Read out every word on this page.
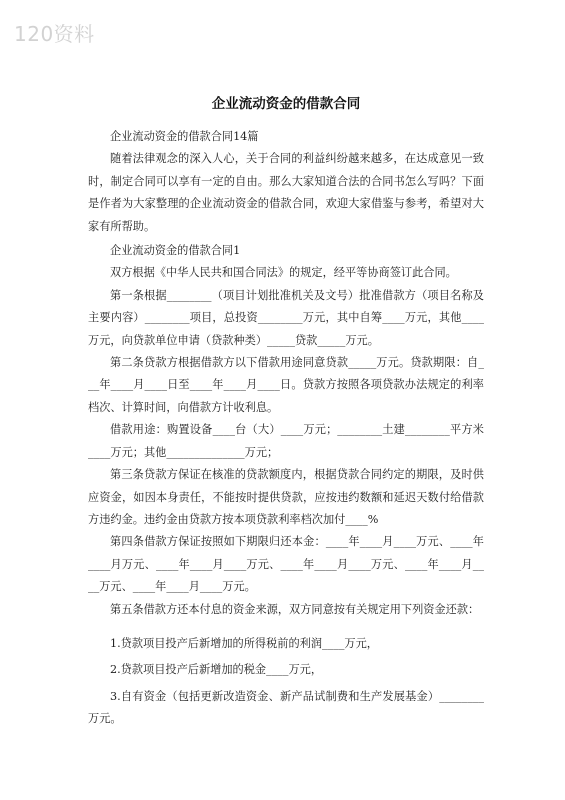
120资料
企业流动资金的借款合同

企业流动资金的借款合同14篇

随着法律观念的深入人心，关于合同的利益纠纷越来越多，在达成意见一致时，制定合同可以享有一定的自由。那么大家知道合法的合同书怎么写吗？下面是作者为大家整理的企业流动资金的借款合同，欢迎大家借鉴与参考，希望对大家有所帮助。

企业流动资金的借款合同1

双方根据《中华人民共和国合同法》的规定，经平等协商签订此合同。

第一条根据________（项目计划批准机关及文号）批准借款方（项目名称及主要内容）________项目，总投资________万元，其中自筹____万元，其他____万元，向贷款单位申请（贷款种类）_____贷款_____万元。

第二条贷款方根据借款方以下借款用途同意贷款_____万元。贷款期限：自___年____月____日至____年____月____日。贷款方按照各项贷款办法规定的利率档次、计算时间，向借款方计收利息。

借款用途：购置设备____台（大）____万元；________土建________平方米____万元；其他______________万元；

第三条贷款方保证在核准的贷款额度内，根据贷款合同约定的期限，及时供应资金，如因本身责任，不能按时提供贷款，应按违约数额和延迟天数付给借款方违约金。违约金由贷款方按本项贷款利率档次加付____%

第四条借款方保证按照如下期限归还本金：____年____月____万元、____年____月万元、____年____月____万元、____年____月____万元、____年____月____万元、____年____月____万元。

第五条借款方还本付息的资金来源，双方同意按有关规定用下列资金还款：

1.贷款项目投产后新增加的所得税前的利润____万元，

2.贷款项目投产后新增加的税金____万元，

3.自有资金（包括更新改造资金、新产品试制费和生产发展基金）________万元。
